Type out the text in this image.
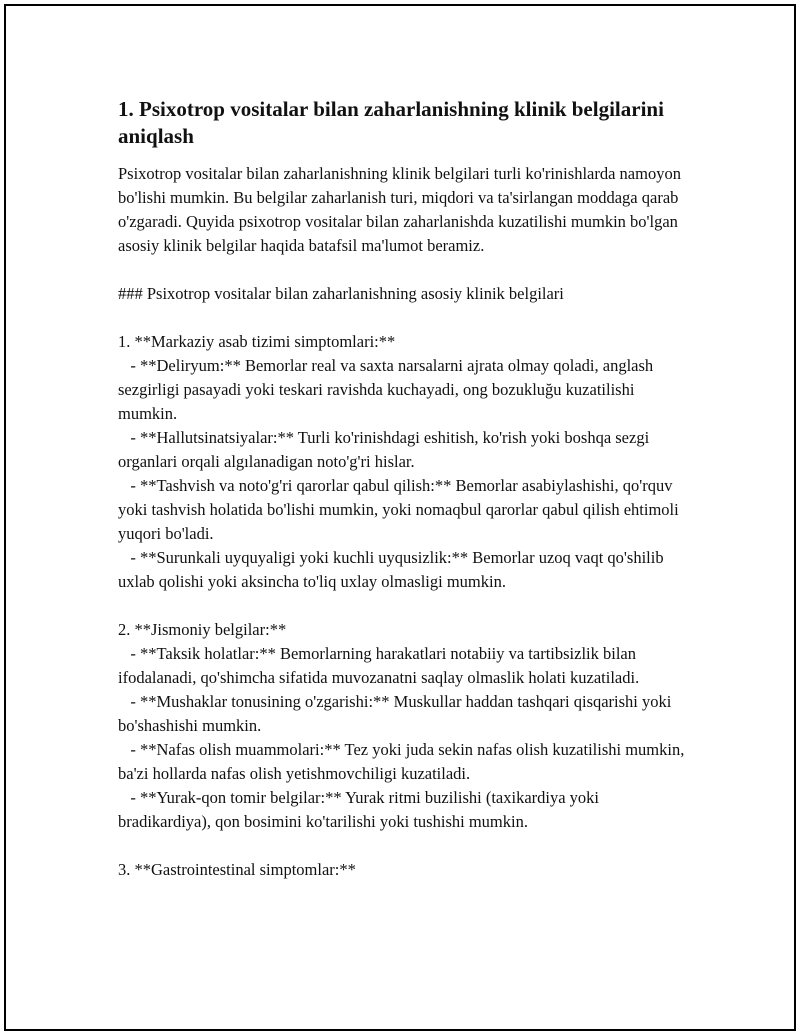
1. Psixotrop vositalar bilan zaharlanishning klinik belgilarini aniqlash

Psixotrop vositalar bilan zaharlanishning klinik belgilari turli ko'rinishlarda namoyon bo'lishi mumkin. Bu belgilar zaharlanish turi, miqdori va ta'sirlangan moddaga qarab o'zgaradi. Quyida psixotrop vositalar bilan zaharlanishda kuzatilishi mumkin bo'lgan asosiy klinik belgilar haqida batafsil ma'lumot beramiz.

### Psixotrop vositalar bilan zaharlanishning asosiy klinik belgilari

1. **Markaziy asab tizimi simptomlari:**

- **Deliryum:** Bemorlar real va saxta narsalarni ajrata olmay qoladi, anglash sezgirligi pasayadi yoki teskari ravishda kuchayadi, ong bozukluğu kuzatilishi mumkin.

- **Hallutsinatsiyalar:** Turli ko'rinishdagi eshitish, ko'rish yoki boshqa sezgi organlari orqali algılanadigan noto'g'ri hislar.

- **Tashvish va noto'g'ri qarorlar qabul qilish:** Bemorlar asabiylashishi, qo'rquv yoki tashvish holatida bo'lishi mumkin, yoki nomaqbul qarorlar qabul qilish ehtimoli yuqori bo'ladi.

- **Surunkali uyquyaligi yoki kuchli uyqusizlik:** Bemorlar uzoq vaqt qo'shilib uxlab qolishi yoki aksincha to'liq uxlay olmasligi mumkin.

2. **Jismoniy belgilar:**

- **Taksik holatlar:** Bemorlarning harakatlari notabiiy va tartibsizlik bilan ifodalanadi, qo'shimcha sifatida muvozanatni saqlay olmaslik holati kuzatiladi.

- **Mushaklar tonusining o'zgarishi:** Muskullar haddan tashqari qisqarishi yoki bo'shashishi mumkin.

- **Nafas olish muammolari:** Tez yoki juda sekin nafas olish kuzatilishi mumkin, ba'zi hollarda nafas olish yetishmovchiligi kuzatiladi.

- **Yurak-qon tomir belgilar:** Yurak ritmi buzilishi (taxikardiya yoki bradikardiya), qon bosimini ko'tarilishi yoki tushishi mumkin.

3. **Gastrointestinal simptomlar:**
